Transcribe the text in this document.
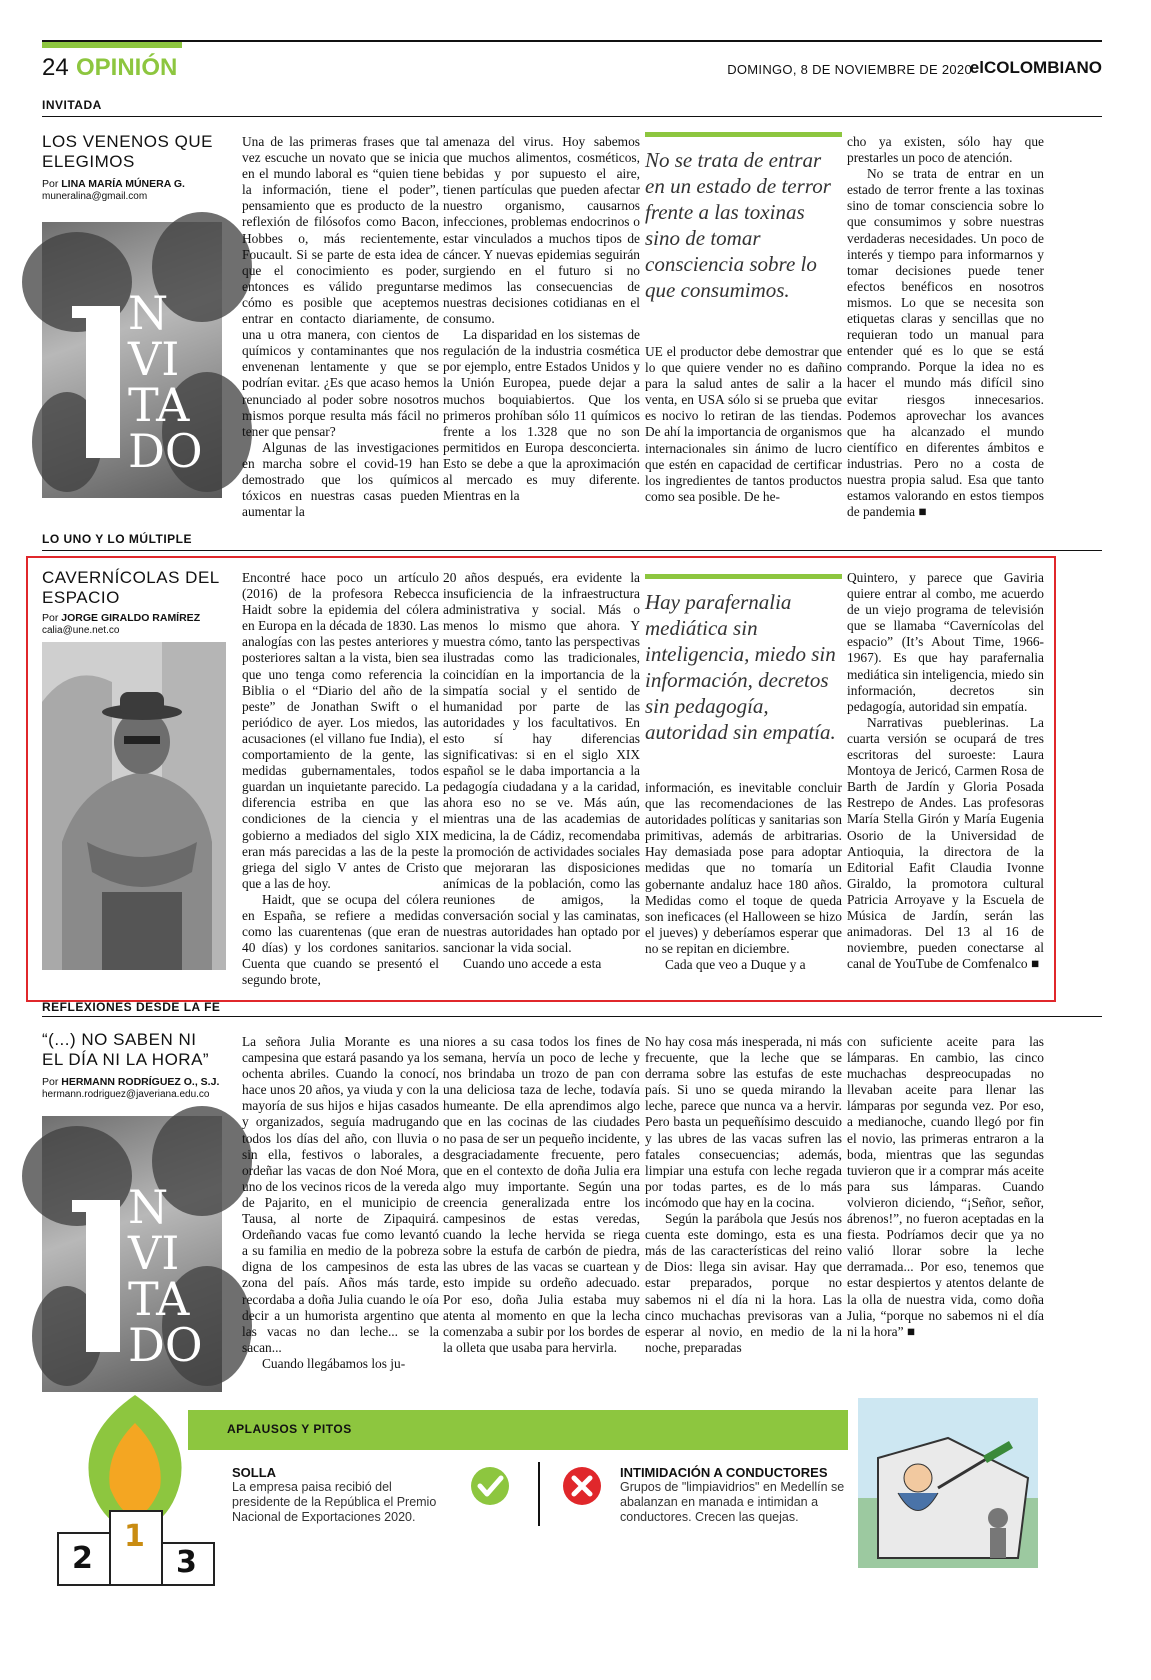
24 OPINIÓN	DOMINGO, 8 DE NOVIEMBRE DE 2020
elCOLOMBIANO
INVITADA
LOS VENENOS QUE ELEGIMOS
Por LINA MARÍA MÚNERA G.
muneralina@gmail.com
N VI TA DO

Una de las primeras frases que tal vez escuche un novato que se inicia en el mundo laboral es “quien tiene la información, tiene el poder”, pensamiento que es producto de la reflexión de filósofos como Bacon, Hobbes o, más recientemente, Foucault. Si se parte de esta idea de que el conocimiento es poder, entonces es válido preguntarse cómo es posible que aceptemos entrar en contacto diariamente, de una u otra manera, con cientos de químicos y contaminantes que nos envenenan lentamente y que se podrían evitar. ¿Es que acaso hemos renunciado al poder sobre nosotros mismos porque resulta más fácil no tener que pensar?

Algunas de las investigaciones en marcha sobre el covid-19 han demostrado que los químicos tóxicos en nuestras casas pueden aumentar la

amenaza del virus. Hoy sabemos que muchos alimentos, cosméticos, bebidas y por supuesto el aire, tienen partículas que pueden afectar nuestro organismo, causarnos infecciones, problemas endocrinos o estar vinculados a muchos tipos de cáncer. Y nuevas epidemias seguirán surgiendo en el futuro si no medimos las consecuencias de nuestras decisiones cotidianas en el consumo.

La disparidad en los sistemas de regulación de la industria cosmética por ejemplo, entre Estados Unidos y la Unión Europea, puede dejar a muchos boquiabiertos. Que los primeros prohíban sólo 11 químicos frente a los 1.328 que no son permitidos en Europa desconcierta. Esto se debe a que la aproximación al mercado es muy diferente. Mientras en la

No se trata de entrar en un estado de terror frente a las toxinas sino de tomar consciencia sobre lo que consumimos.

UE el productor debe demostrar que lo que quiere vender no es dañino para la salud antes de salir a la venta, en USA sólo si se prueba que es nocivo lo retiran de las tiendas. De ahí la importancia de organismos internacionales sin ánimo de lucro que estén en capacidad de certificar los ingredientes de tantos productos como sea posible. De he-

cho ya existen, sólo hay que prestarles un poco de atención.

No se trata de entrar en un estado de terror frente a las toxinas sino de tomar consciencia sobre lo que consumimos y sobre nuestras verdaderas necesidades. Un poco de interés y tiempo para informarnos y tomar decisiones puede tener efectos benéficos en nosotros mismos. Lo que se necesita son etiquetas claras y sencillas que no requieran todo un manual para entender qué es lo que se está comprando. Porque la idea no es hacer el mundo más difícil sino evitar riesgos innecesarios. Podemos aprovechar los avances que ha alcanzado el mundo científico en diferentes ámbitos e industrias. Pero no a costa de nuestra propia salud. Esa que tanto estamos valorando en estos tiempos de pandemia ■

LO UNO Y LO MÚLTIPLE
CAVERNÍCOLAS DEL ESPACIO
Por JORGE GIRALDO RAMÍREZ
calia@une.net.co

Encontré hace poco un artículo (2016) de la profesora Rebecca Haidt sobre la epidemia del cólera en Europa en la década de 1830. Las analogías con las pestes anteriores y posteriores saltan a la vista, bien sea que uno tenga como referencia la Biblia o el “Diario del año de la peste” de Jonathan Swift o el periódico de ayer. Los miedos, las acusaciones (el villano fue India), el comportamiento de la gente, las medidas gubernamentales, todos guardan un inquietante parecido. La diferencia estriba en que las condiciones de la ciencia y el gobierno a mediados del siglo XIX eran más parecidas a las de la peste griega del siglo V antes de Cristo que a las de hoy.

Haidt, que se ocupa del cólera en España, se refiere a medidas como las cuarentenas (que eran de 40 días) y los cordones sanitarios. Cuenta que cuando se presentó el segundo brote,

20 años después, era evidente la insuficiencia de la infraestructura administrativa y social. Más o menos lo mismo que ahora. Y muestra cómo, tanto las perspectivas ilustradas como las tradicionales, coincidían en la importancia de la simpatía social y el sentido de humanidad por parte de las autoridades y los facultativos. En esto sí hay diferencias significativas: si en el siglo XIX español se le daba importancia a la pedagogía ciudadana y a la caridad, ahora eso no se ve. Más aún, mientras una de las academias de medicina, la de Cádiz, recomendaba la promoción de actividades sociales que mejoraran las disposiciones anímicas de la población, como las reuniones de amigos, la conversación social y las caminatas, nuestras autoridades han optado por sancionar la vida social.

Cuando uno accede a esta

Hay parafernalia mediática sin inteligencia, miedo sin información, decretos sin pedagogía, autoridad sin empatía.

información, es inevitable concluir que las recomendaciones de las autoridades políticas y sanitarias son primitivas, además de arbitrarias. Hay demasiada pose para adoptar medidas que no tomaría un gobernante andaluz hace 180 años. Medidas como el toque de queda son ineficaces (el Halloween se hizo el jueves) y deberíamos esperar que no se repitan en diciembre.

Cada que veo a Duque y a

Quintero, y parece que Gaviria quiere entrar al combo, me acuerdo de un viejo programa de televisión que se llamaba “Cavernícolas del espacio” (It’s About Time, 1966-1967). Es que hay parafernalia mediática sin inteligencia, miedo sin información, decretos sin pedagogía, autoridad sin empatía.

Narrativas pueblerinas. La cuarta versión se ocupará de tres escritoras del suroeste: Laura Montoya de Jericó, Carmen Rosa de Barth de Jardín y Gloria Posada Restrepo de Andes. Las profesoras María Stella Girón y María Eugenia Osorio de la Universidad de Antioquia, la directora de la Editorial Eafit Claudia Ivonne Giraldo, la promotora cultural Patricia Arroyave y la Escuela de Música de Jardín, serán las animadoras. Del 13 al 16 de noviembre, pueden conectarse al canal de YouTube de Comfenalco ■

REFLEXIONES DESDE LA FE
“(...) NO SABEN NI EL DÍA NI LA HORA”
Por HERMANN RODRÍGUEZ O., S.J.
hermann.rodriguez@javeriana.edu.co
N VI TA DO

La señora Julia Morante es una campesina que estará pasando ya los ochenta abriles. Cuando la conocí, hace unos 20 años, ya viuda y con la mayoría de sus hijos e hijas casados y organizados, seguía madrugando todos los días del año, con lluvia o sin ella, festivos o laborales, a ordeñar las vacas de don Noé Mora, uno de los vecinos ricos de la vereda de Pajarito, en el municipio de Tausa, al norte de Zipaquirá. Ordeñando vacas fue como levantó a su familia en medio de la pobreza digna de los campesinos de esta zona del país. Años más tarde, recordaba a doña Julia cuando le oía decir a un humorista argentino que las vacas no dan leche... se la sacan...

Cuando llegábamos los ju-

niores a su casa todos los fines de semana, hervía un poco de leche y nos brindaba un trozo de pan con una deliciosa taza de leche, todavía humeante. De ella aprendimos algo que en las cocinas de las ciudades no pasa de ser un pequeño incidente, desgraciadamente frecuente, pero que en el contexto de doña Julia era algo muy importante. Según una creencia generalizada entre los campesinos de estas veredas, cuando la leche hervida se riega sobre la estufa de carbón de piedra, las ubres de las vacas se cuartean y esto impide su ordeño adecuado. Por eso, doña Julia estaba muy atenta al momento en que la lecha comenzaba a subir por los bordes de la olleta que usaba para hervirla.

No hay cosa más inesperada, ni más frecuente, que la leche que se derrama sobre las estufas de este país. Si uno se queda mirando la leche, parece que nunca va a hervir. Pero basta un pequeñísimo descuido y las ubres de las vacas sufren las fatales consecuencias; además, limpiar una estufa con leche regada por todas partes, es de lo más incómodo que hay en la cocina.

Según la parábola que Jesús nos cuenta este domingo, esta es una más de las características del reino de Dios: llega sin avisar. Hay que estar preparados, porque no sabemos ni el día ni la hora. Las cinco muchachas previsoras van a esperar al novio, en medio de la noche, preparadas

con suficiente aceite para las lámparas. En cambio, las cinco muchachas despreocupadas no llevaban aceite para llenar las lámparas por segunda vez. Por eso, a medianoche, cuando llegó por fin el novio, las primeras entraron a la boda, mientras que las segundas tuvieron que ir a comprar más aceite para sus lámparas. Cuando volvieron diciendo, “¡Señor, señor, ábrenos!”, no fueron aceptadas en la fiesta. Podríamos decir que ya no valió llorar sobre la leche derramada... Por eso, tenemos que estar despiertos y atentos delante de la olla de nuestra vida, como doña Julia, “porque no sabemos ni el día ni la hora” ■

2
1
3
APLAUSOS Y PITOS
SOLLA
La empresa paisa recibió del presidente de la República el Premio Nacional de Exportaciones 2020.
INTIMIDACIÓN A CONDUCTORES
Grupos de "limpiavidrios" en Medellín se abalanzan en manada e intimidan a conductores. Crecen las quejas.
